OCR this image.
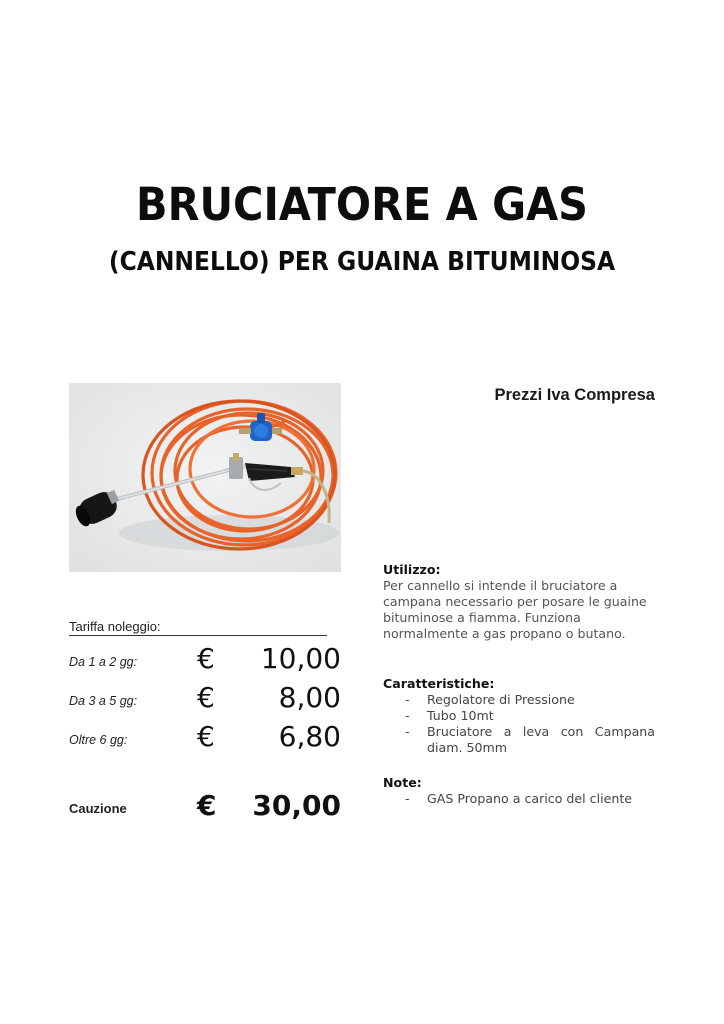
BRUCIATORE A GAS
(CANNELLO) PER GUAINA BITUMINOSA
Prezzi Iva Compresa
Tariffa noleggio:
Da 1 a 2 gg: € 10,00
Da 3 a 5 gg: € 8,00
Oltre 6 gg: € 6,80
Cauzione	€ 30,00
Utilizzo:

Per cannello si intende il bruciatore a campana necessario per posare le guaine bituminose a fiamma. Funziona normalmente a gas propano o butano.

Caratteristiche:
- Regolatore di Pressione
- Tubo 10mt
- Bruciatore a leva con Campana diam. 50mm
Note:
- GAS Propano a carico del cliente
